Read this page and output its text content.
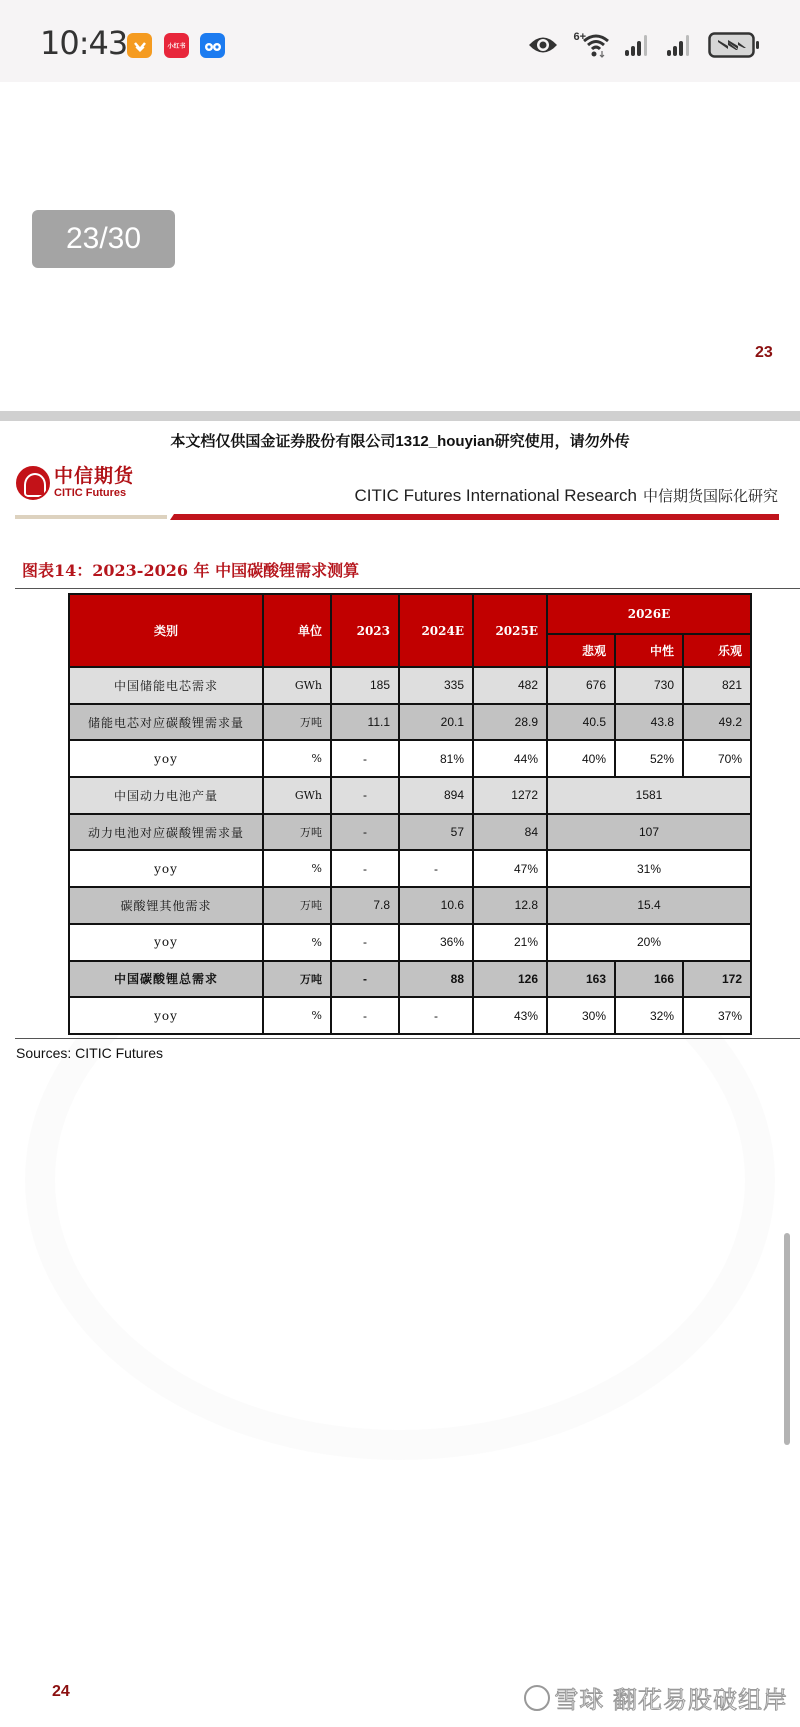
10:43	小红书
6+
23/30
23
本文档仅供国金证券股份有限公司1312_houyian研究使用，请勿外传
中信期货
CITIC Futures	CITIC Futures International Research 中信期货国际化研究
图表14：2023-2026 年 中国碳酸锂需求测算
类别	单位	2023	2024E	2025E	2026E		
					悲观	中性	乐观
中国储能电芯需求	GWh	185	335	482	676	730	821
储能电芯对应碳酸锂需求量	万吨	11.1	20.1	28.9	40.5	43.8	49.2
yoy	%	-	81%	44%	40%	52%	70%
中国动力电池产量	GWh	-	894	1272	1581		
动力电池对应碳酸锂需求量	万吨	-	57	84	107		
yoy	%	-	-	47%	31%		
碳酸锂其他需求	万吨	7.8	10.6	12.8	15.4		
yoy	%	-	36%	21%	20%		
中国碳酸锂总需求	万吨	-	88	126	163	166	172
yoy	%	-	-	43%	30%	32%	37%
Sources: CITIC Futures
24	雪球 翻花易股破组岸
